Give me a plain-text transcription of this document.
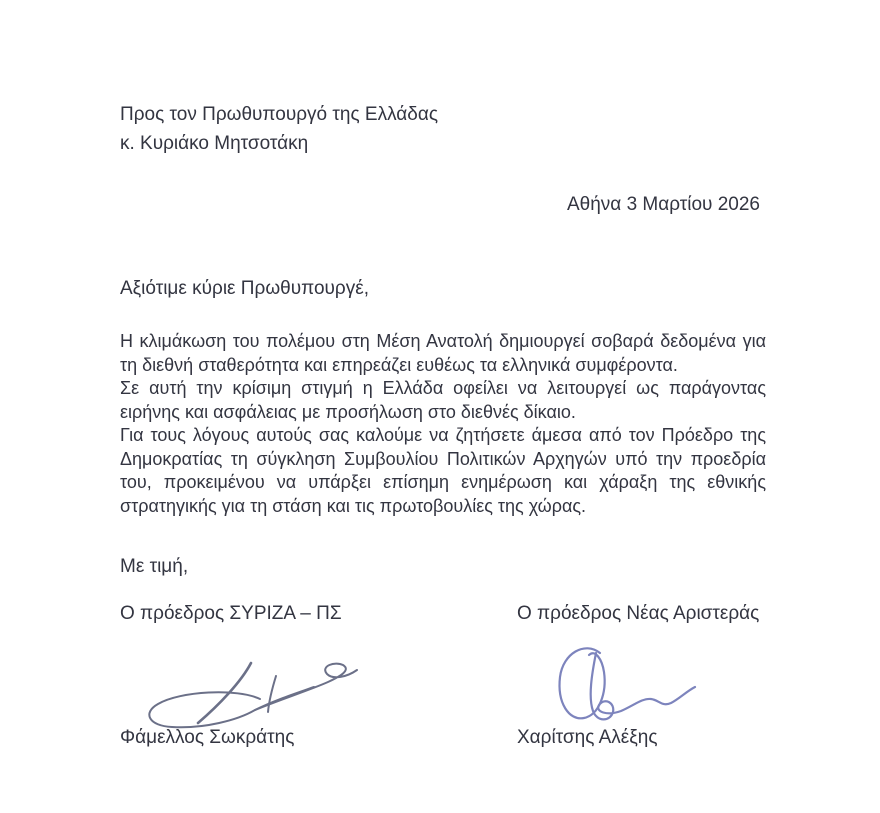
Προς τον Πρωθυπουργό της Ελλάδας
κ. Κυριάκο Μητσοτάκη
Αθήνα 3 Μαρτίου 2026
Αξιότιμε κύριε Πρωθυπουργέ,

Η κλιμάκωση του πολέμου στη Μέση Ανατολή δημιουργεί σοβαρά δεδομένα για τη διεθνή σταθερότητα και επηρεάζει ευθέως τα ελληνικά συμφέροντα.

Σε αυτή την κρίσιμη στιγμή η Ελλάδα οφείλει να λειτουργεί ως παράγοντας ειρήνης και ασφάλειας με προσήλωση στο διεθνές δίκαιο.

Για τους λόγους αυτούς σας καλούμε να ζητήσετε άμεσα από τον Πρόεδρο της Δημοκρατίας τη σύγκληση Συμβουλίου Πολιτικών Αρχηγών υπό την προεδρία του, προκειμένου να υπάρξει επίσημη ενημέρωση και χάραξη της εθνικής στρατηγικής για τη στάση και τις πρωτοβουλίες της χώρας.

Με τιμή,
Ο πρόεδρος ΣΥΡΙΖΑ – ΠΣ
Φάμελλος Σωκράτης
Ο πρόεδρος Νέας Αριστεράς
Χαρίτσης Αλέξης
